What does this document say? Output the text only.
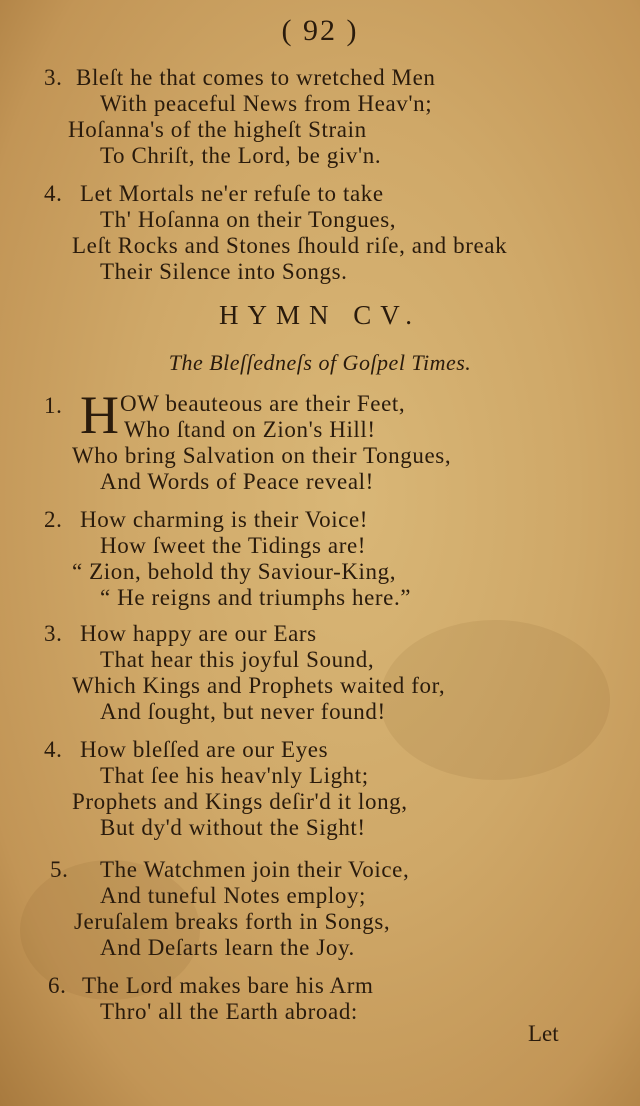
( 92 )
3. Bleſt he that comes to wretched Men
With peaceful News from Heav'n;
Hoſanna's of the higheſt Strain
To Chriſt, the Lord, be giv'n.
4. Let Mortals ne'er refuſe to take
Th' Hoſanna on their Tongues,
Leſt Rocks and Stones ſhould riſe, and break
Their Silence into Songs.
HYMN CV.
The Bleſſedneſs of Goſpel Times.
1. H OW beauteous are their Feet,
Who ſtand on Zion's Hill!
Who bring Salvation on their Tongues,
And Words of Peace reveal!
2. How charming is their Voice!
How ſweet the Tidings are!
“ Zion, behold thy Saviour-King,
“ He reigns and triumphs here.”
3. How happy are our Ears
That hear this joyful Sound,
Which Kings and Prophets waited for,
And ſought, but never found!
4. How bleſſed are our Eyes
That ſee his heav'nly Light;
Prophets and Kings deſir'd it long,
But dy'd without the Sight!
5. The Watchmen join their Voice,
And tuneful Notes employ;
Jeruſalem breaks forth in Songs,
And Deſarts learn the Joy.
6. The Lord makes bare his Arm
Thro' all the Earth abroad:
Let
